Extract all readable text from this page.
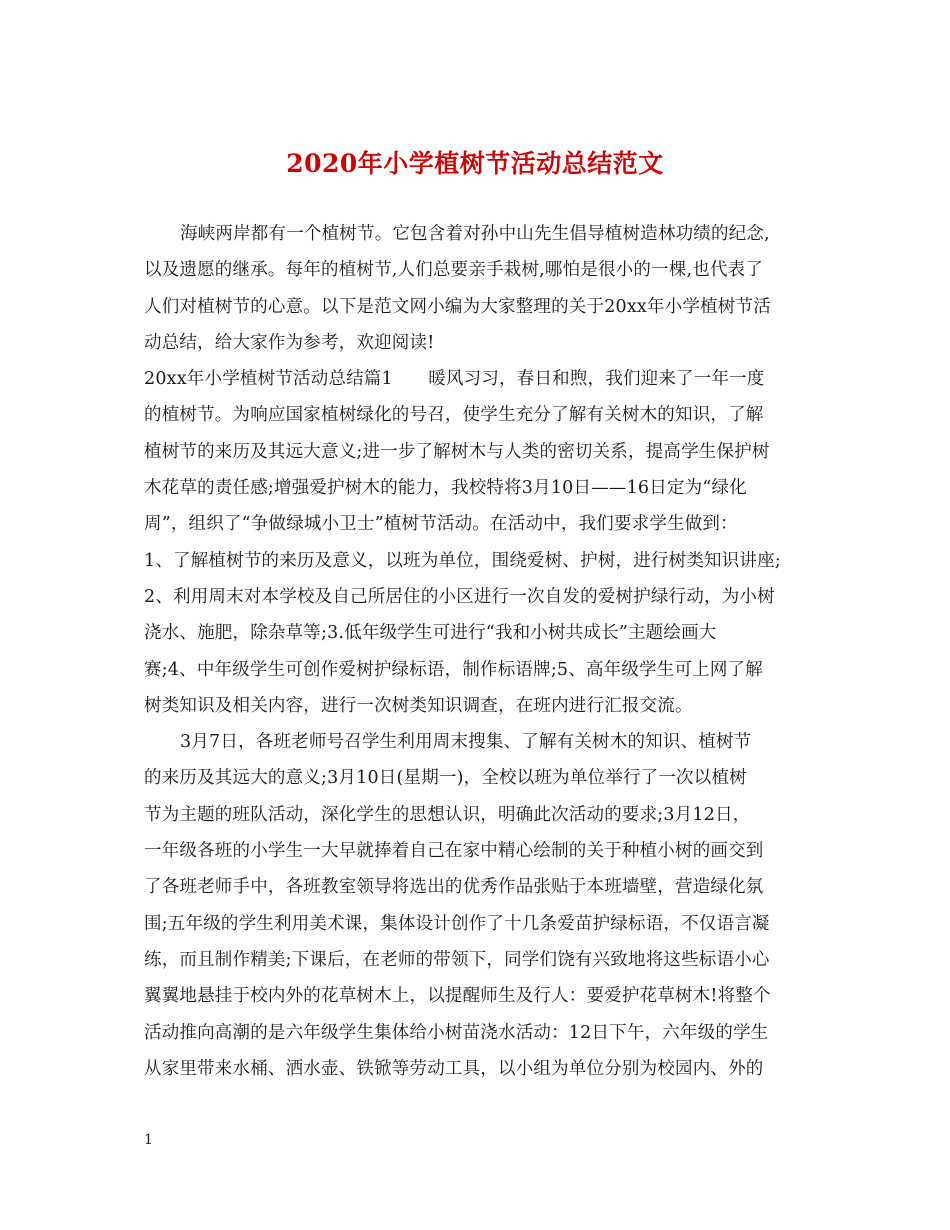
2020年小学植树节活动总结范文
海峡两岸都有一个植树节。它包含着对孙中山先生倡导植树造林功绩的纪念,
以及遗愿的继承。每年的植树节,人们总要亲手栽树,哪怕是很小的一棵,也代表了
人们对植树节的心意。以下是范文网小编为大家整理的关于20xx年小学植树节活
动总结，给大家作为参考，欢迎阅读!
20xx年小学植树节活动总结篇1　　暖风习习，春日和煦，我们迎来了一年一度
的植树节。为响应国家植树绿化的号召，使学生充分了解有关树木的知识，了解
植树节的来历及其远大意义;进一步了解树木与人类的密切关系，提高学生保护树
木花草的责任感;增强爱护树木的能力，我校特将3月10日——16日定为“绿化
周”，组织了“争做绿城小卫士”植树节活动。在活动中，我们要求学生做到：
1、了解植树节的来历及意义，以班为单位，围绕爱树、护树，进行树类知识讲座;
2、利用周末对本学校及自己所居住的小区进行一次自发的爱树护绿行动，为小树
浇水、施肥，除杂草等;3.低年级学生可进行“我和小树共成长”主题绘画大
赛;4、中年级学生可创作爱树护绿标语，制作标语牌;5、高年级学生可上网了解
树类知识及相关内容，进行一次树类知识调查，在班内进行汇报交流。
3月7日，各班老师号召学生利用周末搜集、了解有关树木的知识、植树节
的来历及其远大的意义;3月10日(星期一)，全校以班为单位举行了一次以植树
节为主题的班队活动，深化学生的思想认识，明确此次活动的要求;3月12日，
一年级各班的小学生一大早就捧着自己在家中精心绘制的关于种植小树的画交到
了各班老师手中，各班教室领导将选出的优秀作品张贴于本班墙壁，营造绿化氛
围;五年级的学生利用美术课，集体设计创作了十几条爱苗护绿标语，不仅语言凝
练，而且制作精美;下课后，在老师的带领下，同学们饶有兴致地将这些标语小心
翼翼地悬挂于校内外的花草树木上，以提醒师生及行人：要爱护花草树木!将整个
活动推向高潮的是六年级学生集体给小树苗浇水活动：12日下午，六年级的学生
从家里带来水桶、洒水壶、铁锨等劳动工具，以小组为单位分别为校园内、外的
1
